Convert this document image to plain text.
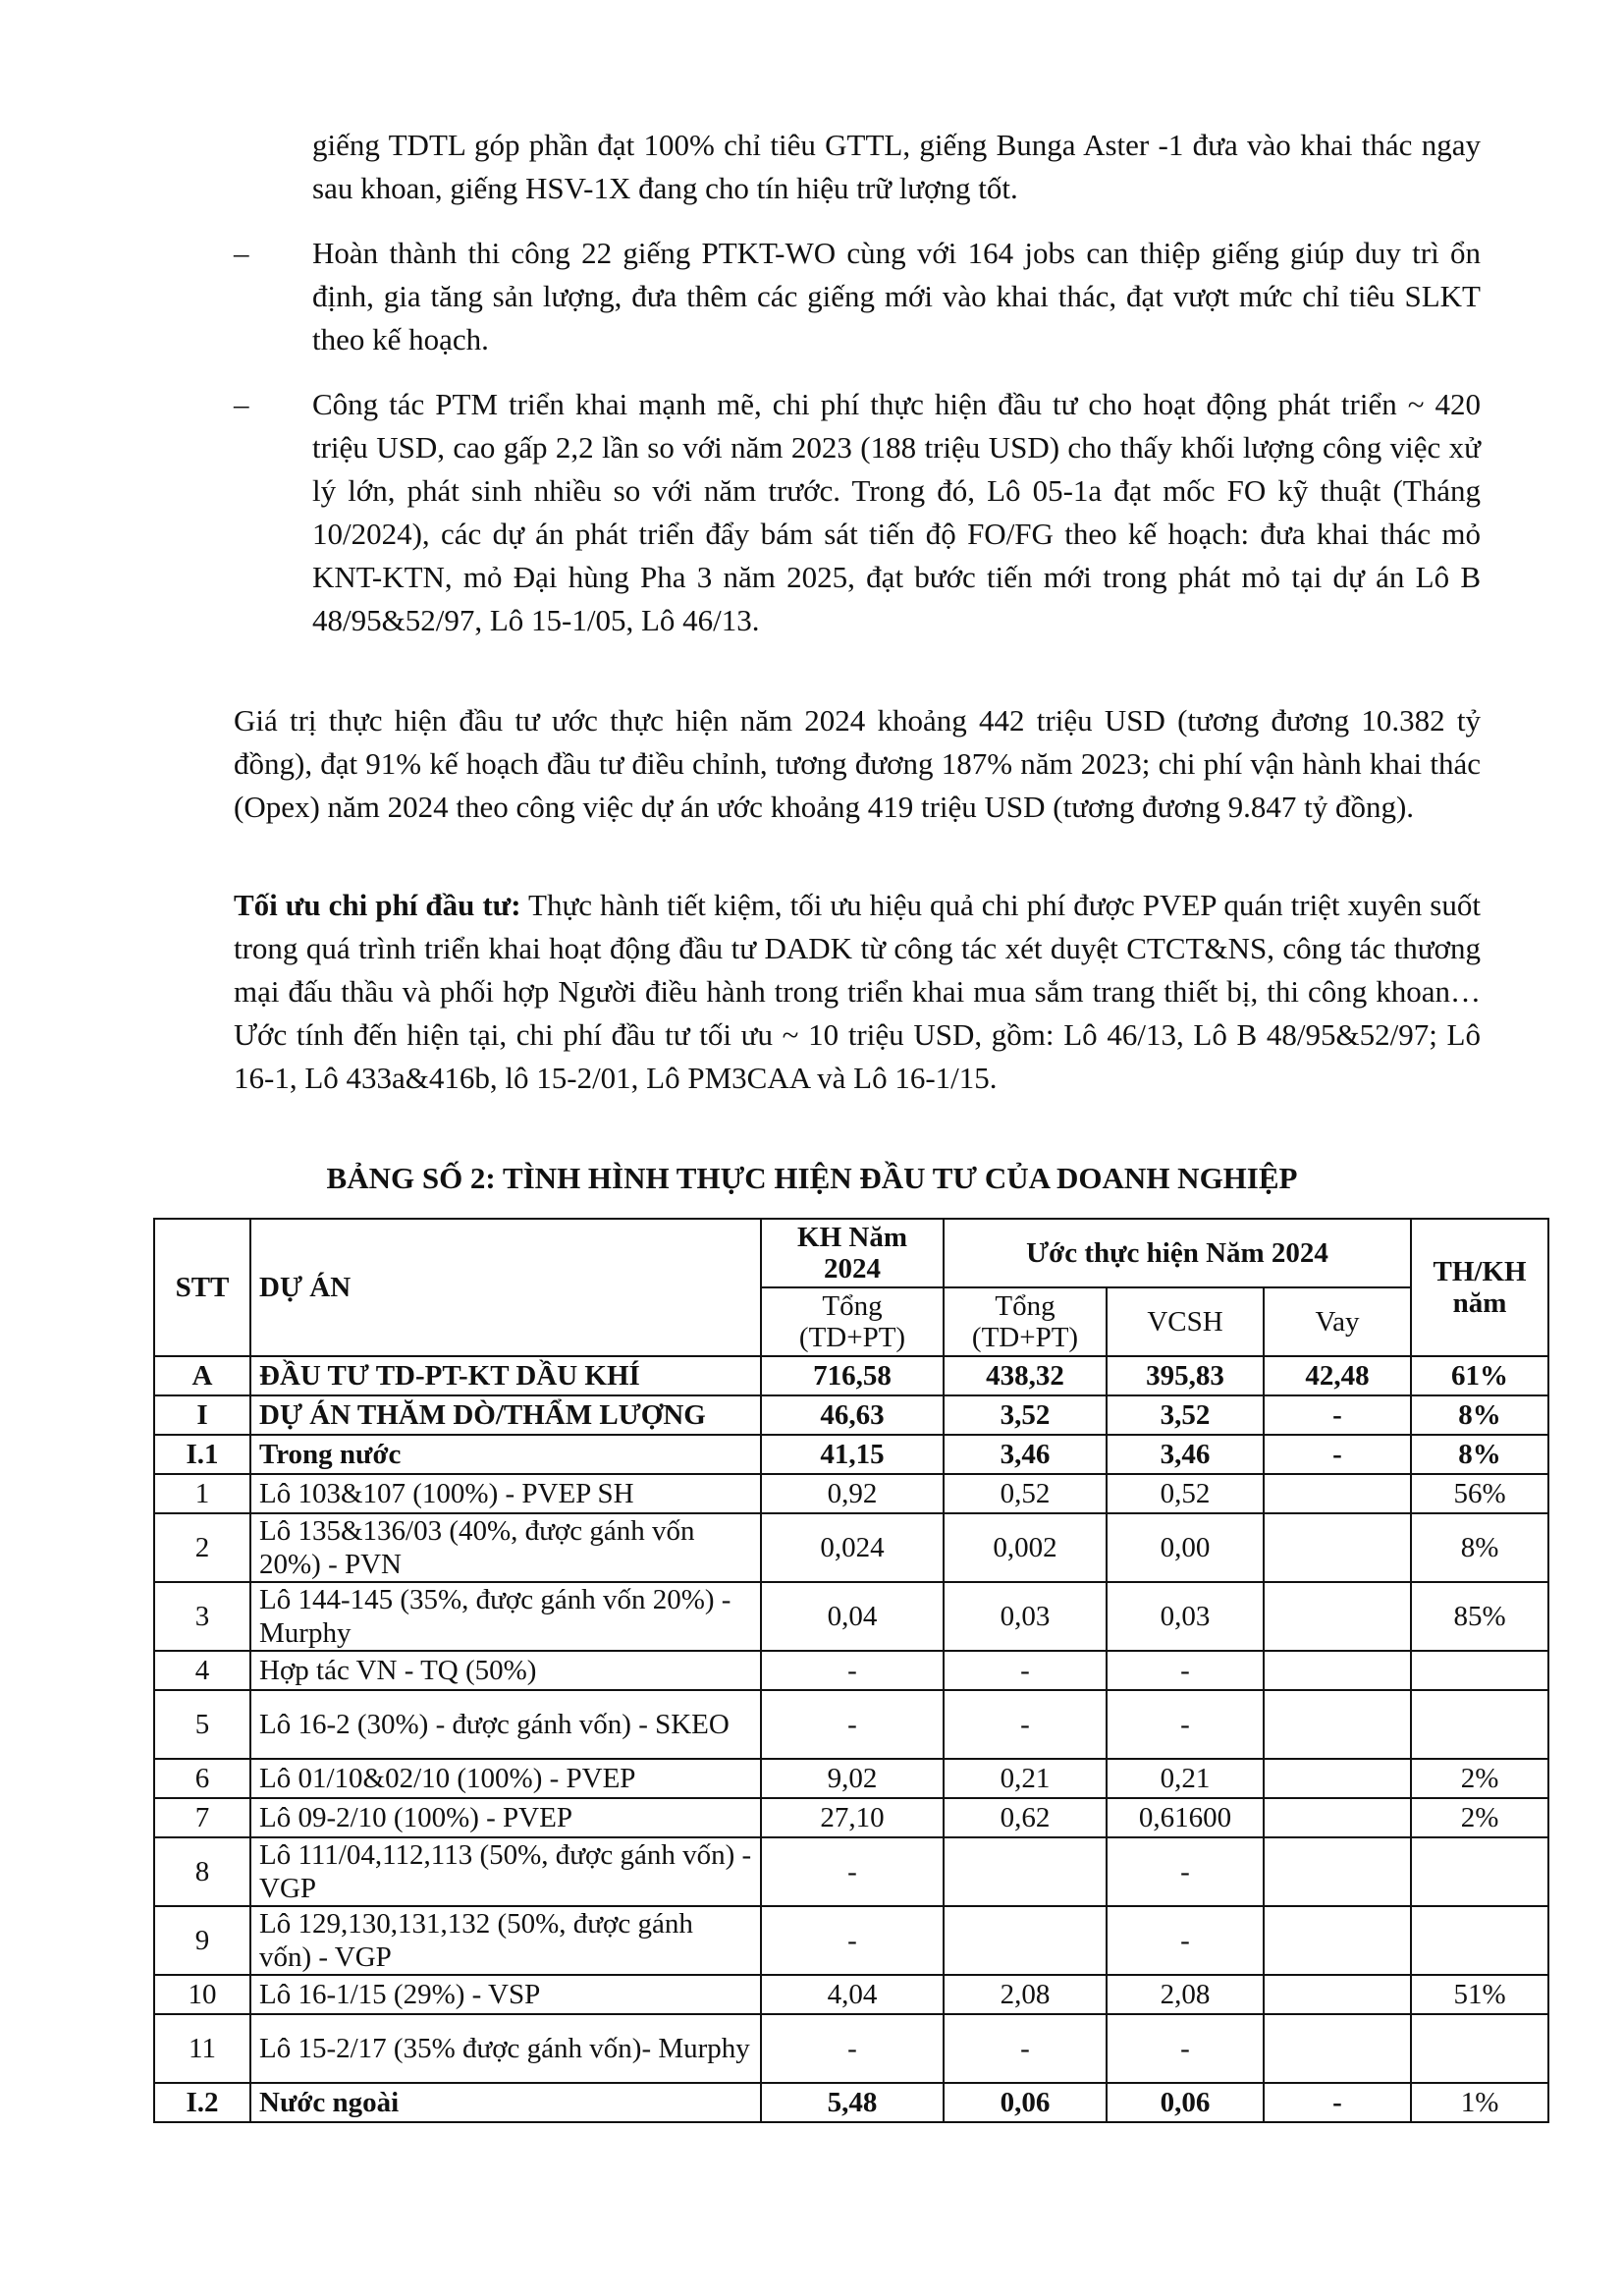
giếng TDTL góp phần đạt 100% chỉ tiêu GTTL, giếng Bunga Aster -1 đưa vào khai thác ngay sau khoan, giếng HSV-1X đang cho tín hiệu trữ lượng tốt.
–	Hoàn thành thi công 22 giếng PTKT-WO cùng với 164 jobs can thiệp giếng giúp duy trì ổn định, gia tăng sản lượng, đưa thêm các giếng mới vào khai thác, đạt vượt mức chỉ tiêu SLKT theo kế hoạch.
–	Công tác PTM triển khai mạnh mẽ, chi phí thực hiện đầu tư cho hoạt động phát triển ~ 420 triệu USD, cao gấp 2,2 lần so với năm 2023 (188 triệu USD) cho thấy khối lượng công việc xử lý lớn, phát sinh nhiều so với năm trước. Trong đó, Lô 05-1a đạt mốc FO kỹ thuật (Tháng 10/2024), các dự án phát triển đẩy bám sát tiến độ FO/FG theo kế hoạch: đưa khai thác mỏ KNT-KTN, mỏ Đại hùng Pha 3 năm 2025, đạt bước tiến mới trong phát mỏ tại dự án Lô B 48/95&52/97, Lô 15-1/05, Lô 46/13.
Giá trị thực hiện đầu tư ước thực hiện năm 2024 khoảng 442 triệu USD (tương đương 10.382 tỷ đồng), đạt 91% kế hoạch đầu tư điều chỉnh, tương đương 187% năm 2023; chi phí vận hành khai thác (Opex) năm 2024 theo công việc dự án ước khoảng 419 triệu USD (tương đương 9.847 tỷ đồng).
Tối ưu chi phí đầu tư: Thực hành tiết kiệm, tối ưu hiệu quả chi phí được PVEP quán triệt xuyên suốt trong quá trình triển khai hoạt động đầu tư DADK từ công tác xét duyệt CTCT&NS, công tác thương mại đấu thầu và phối hợp Người điều hành trong triển khai mua sắm trang thiết bị, thi công khoan… Ước tính đến hiện tại, chi phí đầu tư tối ưu ~ 10 triệu USD, gồm: Lô 46/13, Lô B 48/95&52/97; Lô 16-1, Lô 433a&416b, lô 15-2/01, Lô PM3CAA và Lô 16-1/15.
BẢNG SỐ 2: TÌNH HÌNH THỰC HIỆN ĐẦU TƯ CỦA DOANH NGHIỆP
STT	DỰ ÁN	KH Năm 2024	Ước thực hiện Năm 2024			TH/KH năm
		Tổng (TD+PT)	Tổng (TD+PT)	VCSH	Vay	
A	ĐẦU TƯ TD-PT-KT DẦU KHÍ	716,58	438,32	395,83	42,48	61%
I	DỰ ÁN THĂM DÒ/THẨM LƯỢNG	46,63	3,52	3,52	-	8%
I.1	Trong nước	41,15	3,46	3,46	-	8%
1	Lô 103&107 (100%) - PVEP SH	0,92	0,52	0,52		56%
2	Lô 135&136/03 (40%, được gánh vốn 20%) - PVN	0,024	0,002	0,00		8%
3	Lô 144-145 (35%, được gánh vốn 20%) - Murphy	0,04	0,03	0,03		85%
4	Hợp tác VN - TQ (50%)	-	-	-		
5	Lô 16-2 (30%) - được gánh vốn) - SKEO	-	-	-		
6	Lô 01/10&02/10 (100%) - PVEP	9,02	0,21	0,21		2%
7	Lô 09-2/10 (100%) - PVEP	27,10	0,62	0,61600		2%
8	Lô 111/04,112,113 (50%, được gánh vốn) - VGP	-		-		
9	Lô 129,130,131,132 (50%, được gánh vốn) - VGP	-		-		
10	Lô 16-1/15 (29%) - VSP	4,04	2,08	2,08		51%
11	Lô 15-2/17 (35% được gánh vốn)- Murphy	-	-	-		
I.2	Nước ngoài	5,48	0,06	0,06	-	1%
